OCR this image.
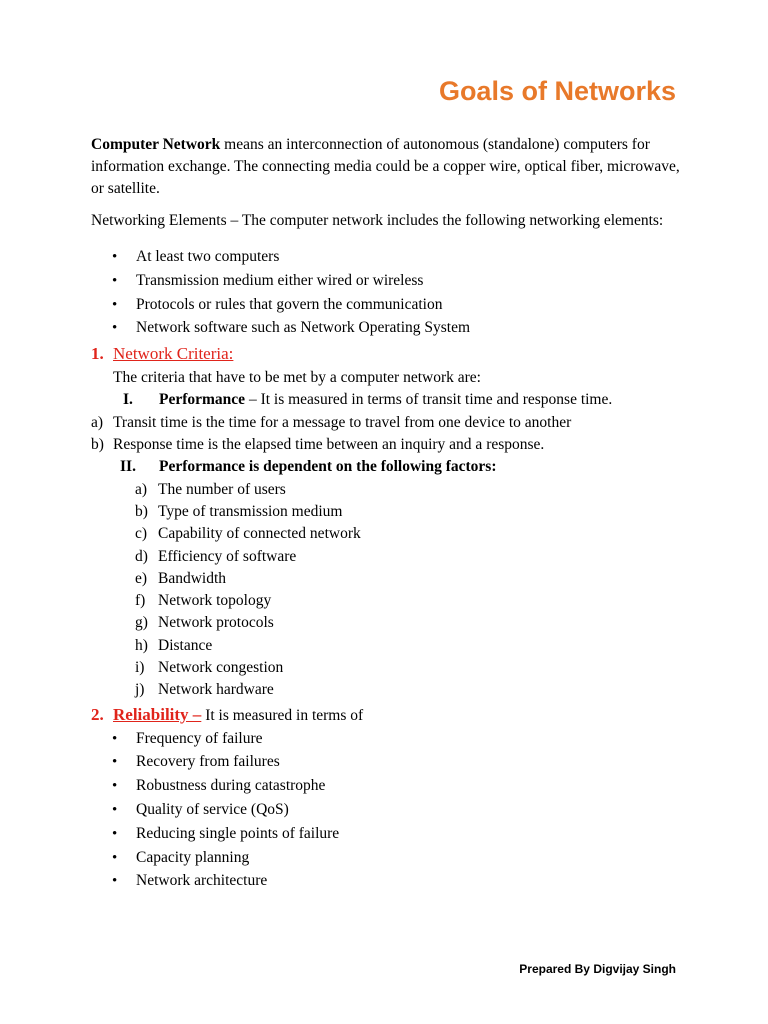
Goals of Networks

Computer Network means an interconnection of autonomous (standalone) computers for information exchange. The connecting media could be a copper wire, optical fiber, microwave, or satellite.

Networking Elements – The computer network includes the following networking elements:

• At least two computers
• Transmission medium either wired or wireless
• Protocols or rules that govern the communication
• Network software such as Network Operating System
1. Network Criteria:
The criteria that have to be met by a computer network are:
I. Performance – It is measured in terms of transit time and response time.
a) Transit time is the time for a message to travel from one device to another
b) Response time is the elapsed time between an inquiry and a response.
II. Performance is dependent on the following factors:
a) The number of users
b) Type of transmission medium
c) Capability of connected network
d) Efficiency of software
e) Bandwidth
f) Network topology
g) Network protocols
h) Distance
i) Network congestion
j) Network hardware
2. Reliability – It is measured in terms of
• Frequency of failure
• Recovery from failures
• Robustness during catastrophe
• Quality of service (QoS)
• Reducing single points of failure
• Capacity planning
• Network architecture
Prepared By Digvijay Singh
